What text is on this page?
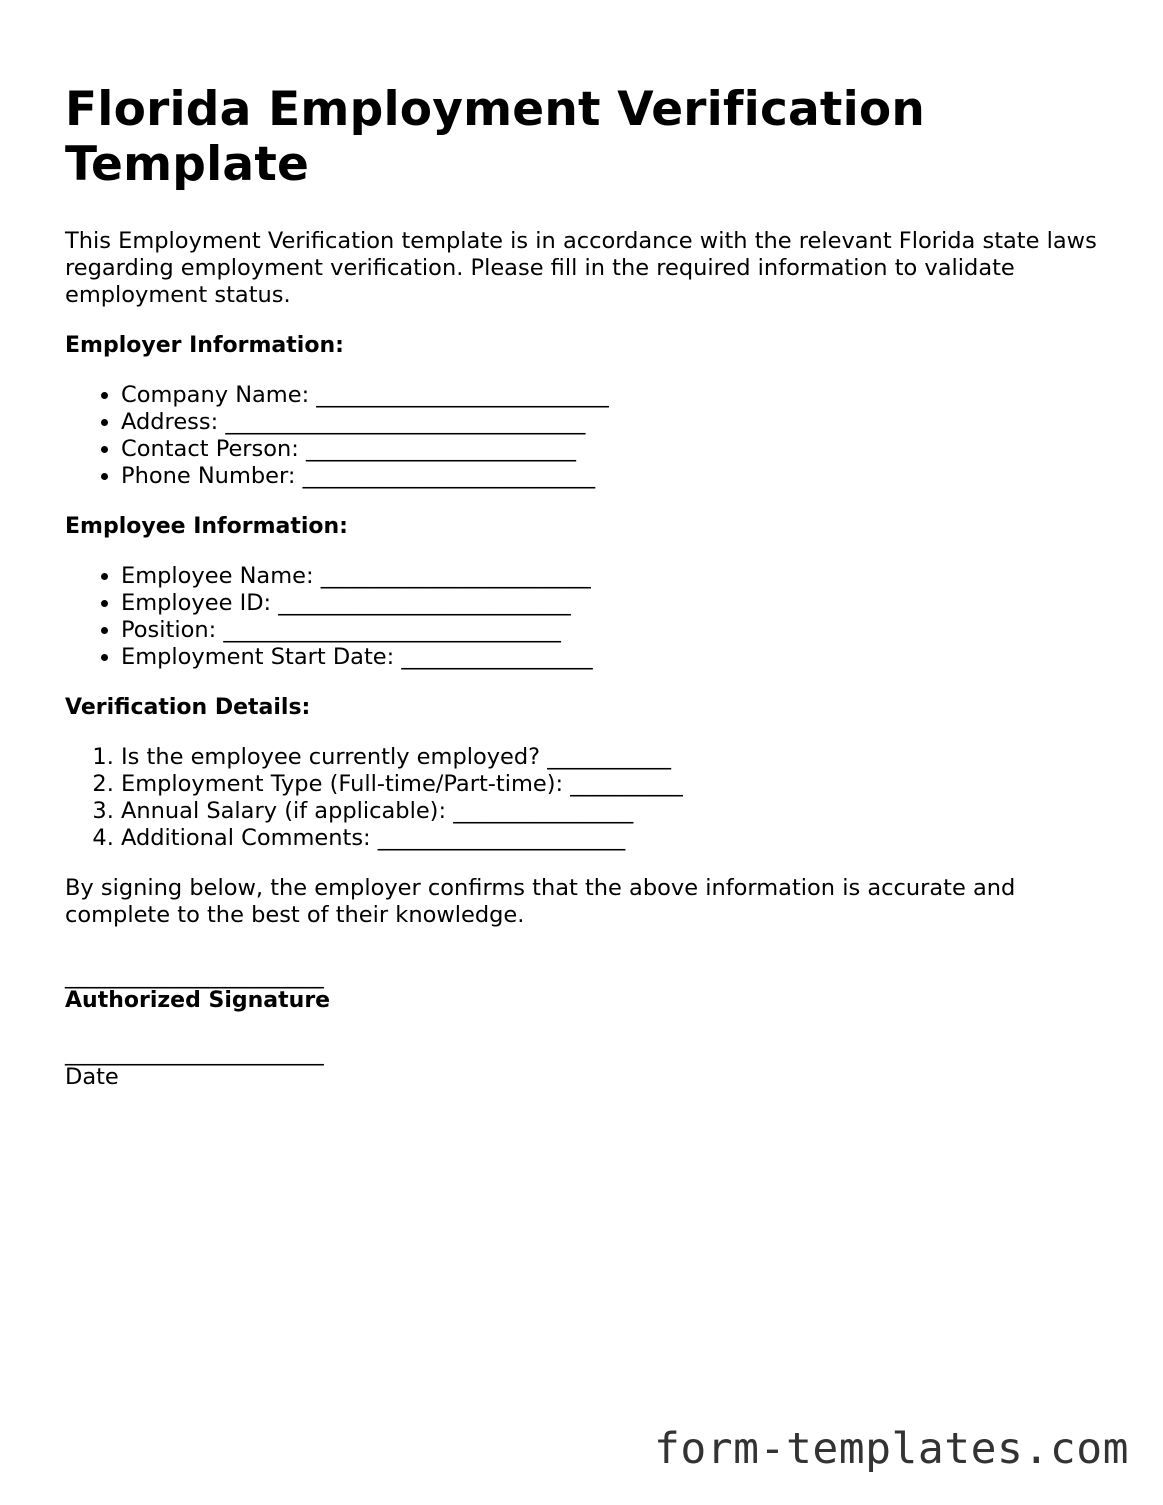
Florida Employment Verification Template

This Employment Verification template is in accordance with the relevant Florida state laws regarding employment verification. Please fill in the required information to validate employment status.

Employer Information:
• Company Name: __________________________
• Address: ________________________________
• Contact Person: ________________________
• Phone Number: __________________________
Employee Information:
• Employee Name: ________________________
• Employee ID: __________________________
• Position: ______________________________
• Employment Start Date: _________________
Verification Details:
1. Is the employee currently employed? ___________
2. Employment Type (Full-time/Part-time): __________
3. Annual Salary (if applicable): ________________
4. Additional Comments: ______________________

By signing below, the employer confirms that the above information is accurate and complete to the best of their knowledge.

_______________________
Authorized Signature
_______________________
Date
form-templates.com
